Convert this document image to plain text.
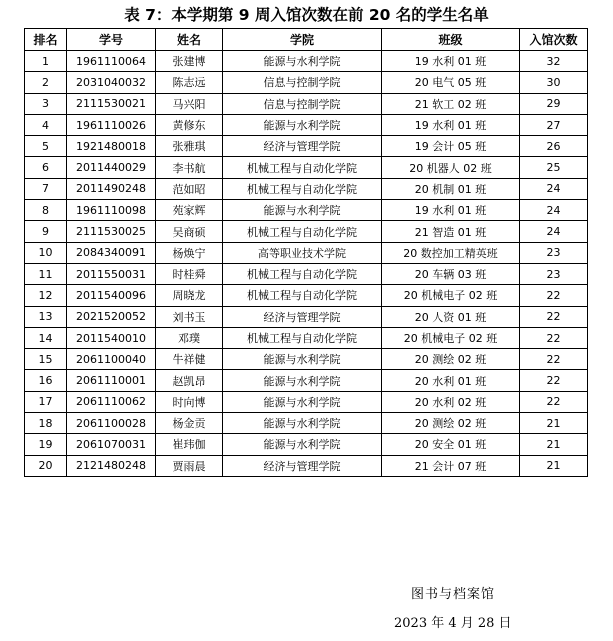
表 7：本学期第 9 周入馆次数在前 20 名的学生名单
排名	学号	姓名	学院	班级	入馆次数
1	1961110064	张建博	能源与水利学院	19 水利 01 班	32
2	2031040032	陈志远	信息与控制学院	20 电气 05 班	30
3	2111530021	马兴阳	信息与控制学院	21 软工 02 班	29
4	1961110026	黄修东	能源与水利学院	19 水利 01 班	27
5	1921480018	张雅琪	经济与管理学院	19 会计 05 班	26
6	2011440029	李书航	机械工程与自动化学院	20 机器人 02 班	25
7	2011490248	范如昭	机械工程与自动化学院	20 机制 01 班	24
8	1961110098	苑家辉	能源与水利学院	19 水利 01 班	24
9	2111530025	吴商硕	机械工程与自动化学院	21 智造 01 班	24
10	2084340091	杨焕宁	高等职业技术学院	20 数控加工精英班	23
11	2011550031	时桂舜	机械工程与自动化学院	20 车辆 03 班	23
12	2011540096	周晓龙	机械工程与自动化学院	20 机械电子 02 班	22
13	2021520052	刘书玉	经济与管理学院	20 人资 01 班	22
14	2011540010	邓璞	机械工程与自动化学院	20 机械电子 02 班	22
15	2061100040	牛祥健	能源与水利学院	20 测绘 02 班	22
16	2061110001	赵凯昂	能源与水利学院	20 水利 01 班	22
17	2061110062	时向博	能源与水利学院	20 水利 02 班	22
18	2061100028	杨金贡	能源与水利学院	20 测绘 02 班	21
19	2061070031	崔玮伽	能源与水利学院	20 安全 01 班	21
20	2121480248	贾雨晨	经济与管理学院	21 会计 07 班	21
图书与档案馆
2023 年 4 月 28 日
